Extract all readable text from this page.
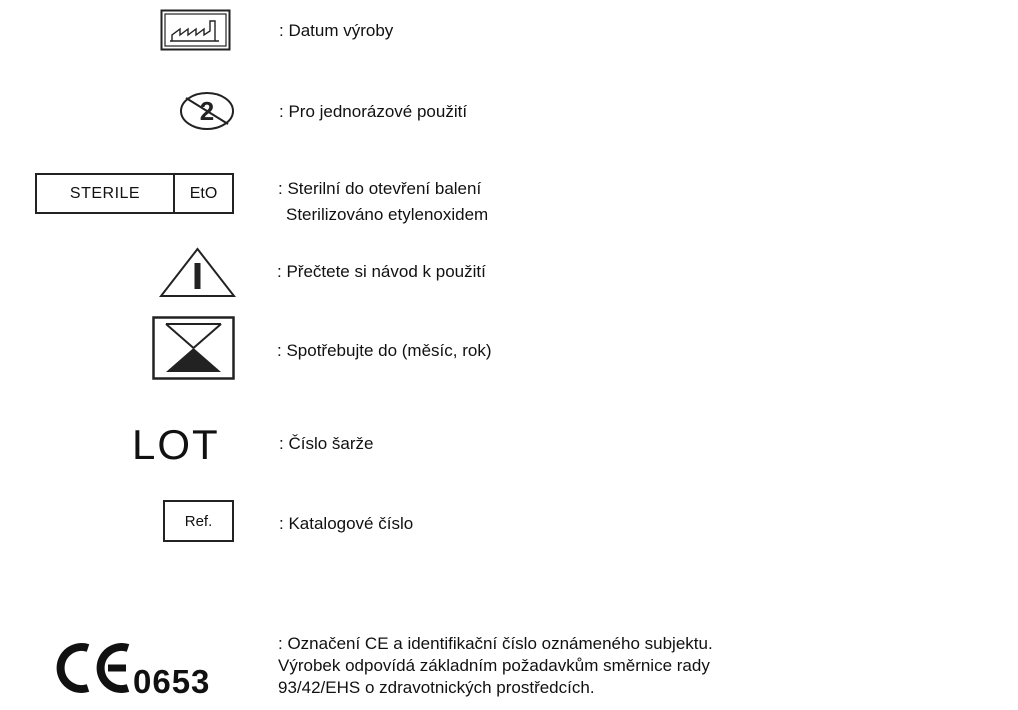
: Datum výroby
2	: Pro jednorázové použití
STERILE	EtO	: Sterilní do otevření balení
Sterilizováno etylenoxidem
: Přečtete si návod k použití
: Spotřebujte do (měsíc, rok)
LOT	: Číslo šarže
Ref.	: Katalogové číslo
0653
: Označení CE a identifikační číslo oznámeného subjektu.
Výrobek odpovídá základním požadavkům směrnice rady
93/42/EHS o zdravotnických prostředcích.
